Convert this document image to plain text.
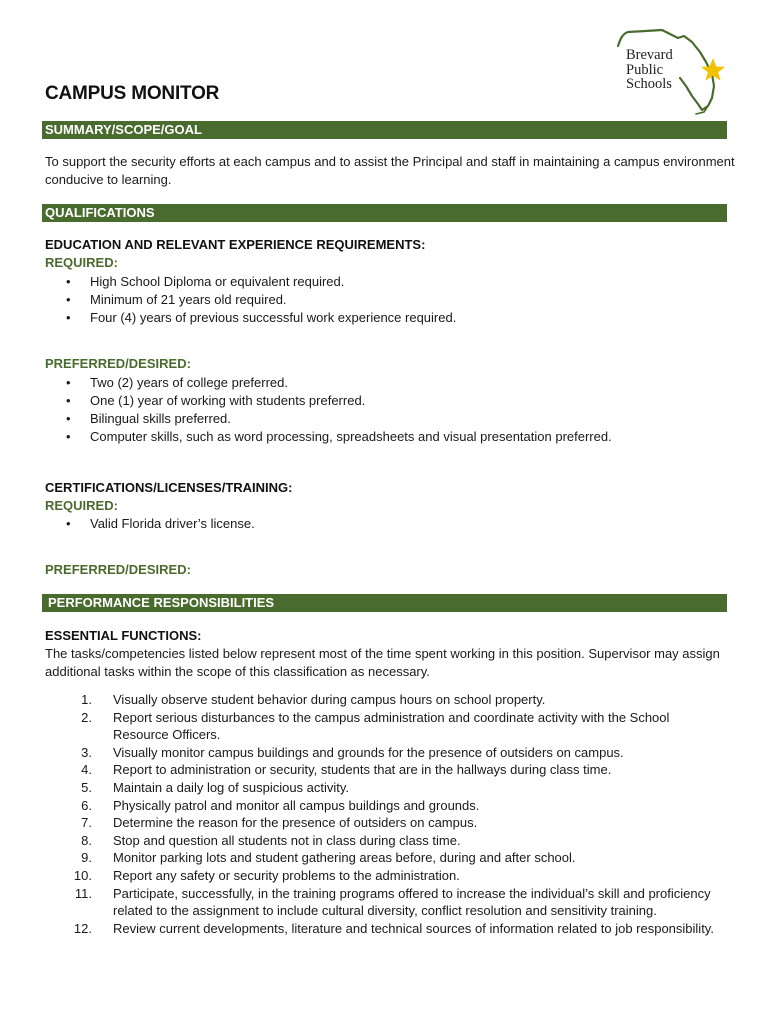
Brevard
Public
Schools
CAMPUS MONITOR
SUMMARY/SCOPE/GOAL
To support the security efforts at each campus and to assist the Principal and staff in maintaining a campus environment conducive to learning.
QUALIFICATIONS
EDUCATION AND RELEVANT EXPERIENCE REQUIREMENTS:
REQUIRED:
• High School Diploma or equivalent required.
• Minimum of 21 years old required.
• Four (4) years of previous successful work experience required.
PREFERRED/DESIRED:
• Two (2) years of college preferred.
• One (1) year of working with students preferred.
• Bilingual skills preferred.
• Computer skills, such as word processing, spreadsheets and visual presentation preferred.
CERTIFICATIONS/LICENSES/TRAINING:
REQUIRED:
• Valid Florida driver’s license.
PREFERRED/DESIRED:
PERFORMANCE RESPONSIBILITIES
ESSENTIAL FUNCTIONS:
The tasks/competencies listed below represent most of the time spent working in this position. Supervisor may assign additional tasks within the scope of this classification as necessary.
1. Visually observe student behavior during campus hours on school property.
2. Report serious disturbances to the campus administration and coordinate activity with the School Resource Officers.
3. Visually monitor campus buildings and grounds for the presence of outsiders on campus.
4. Report to administration or security, students that are in the hallways during class time.
5. Maintain a daily log of suspicious activity.
6. Physically patrol and monitor all campus buildings and grounds.
7. Determine the reason for the presence of outsiders on campus.
8. Stop and question all students not in class during class time.
9. Monitor parking lots and student gathering areas before, during and after school.
10. Report any safety or security problems to the administration.
11. Participate, successfully, in the training programs offered to increase the individual’s skill and proficiency related to the assignment to include cultural diversity, conflict resolution and sensitivity training.
12. Review current developments, literature and technical sources of information related to job responsibility.
